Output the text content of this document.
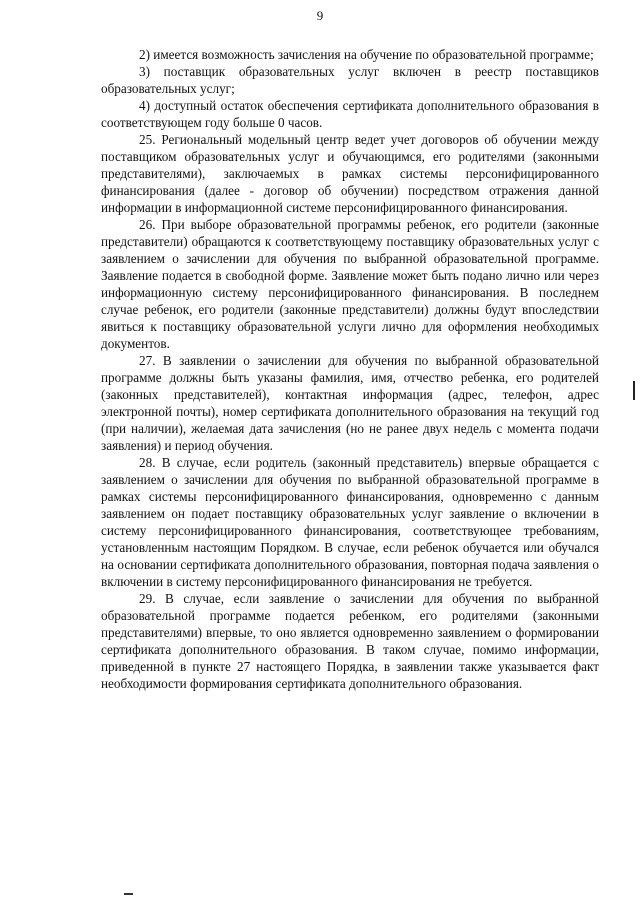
9

2) имеется возможность зачисления на обучение по образовательной программе;

3) поставщик образовательных услуг включен в реестр поставщиков образовательных услуг;

4) доступный остаток обеспечения сертификата дополнительного образования в соответствующем году больше 0 часов.

25. Региональный модельный центр ведет учет договоров об обучении между поставщиком образовательных услуг и обучающимся, его родителями (законными представителями), заключаемых в рамках системы персонифицированного финансирования (далее - договор об обучении) посредством отражения данной информации в информационной системе персонифицированного финансирования.

26. При выборе образовательной программы ребенок, его родители (законные представители) обращаются к соответствующему поставщику образовательных услуг с заявлением о зачислении для обучения по выбранной образовательной программе. Заявление подается в свободной форме. Заявление может быть подано лично или через информационную систему персонифицированного финансирования. В последнем случае ребенок, его родители (законные представители) должны будут впоследствии явиться к поставщику образовательной услуги лично для оформления необходимых документов.

27. В заявлении о зачислении для обучения по выбранной образовательной программе должны быть указаны фамилия, имя, отчество ребенка, его родителей (законных представителей), контактная информация (адрес, телефон, адрес электронной почты), номер сертификата дополнительного образования на текущий год (при наличии), желаемая дата зачисления (но не ранее двух недель с момента подачи заявления) и период обучения.

28. В случае, если родитель (законный представитель) впервые обращается с заявлением о зачислении для обучения по выбранной образовательной программе в рамках системы персонифицированного финансирования, одновременно с данным заявлением он подает поставщику образовательных услуг заявление о включении в систему персонифицированного финансирования, соответствующее требованиям, установленным настоящим Порядком. В случае, если ребенок обучается или обучался на основании сертификата дополнительного образования, повторная подача заявления о включении в систему персонифицированного финансирования не требуется.

29. В случае, если заявление о зачислении для обучения по выбранной образовательной программе подается ребенком, его родителями (законными представителями) впервые, то оно является одновременно заявлением о формировании сертификата дополнительного образования. В таком случае, помимо информации, приведенной в пункте 27 настоящего Порядка, в заявлении также указывается факт необходимости формирования сертификата дополнительного образования.
